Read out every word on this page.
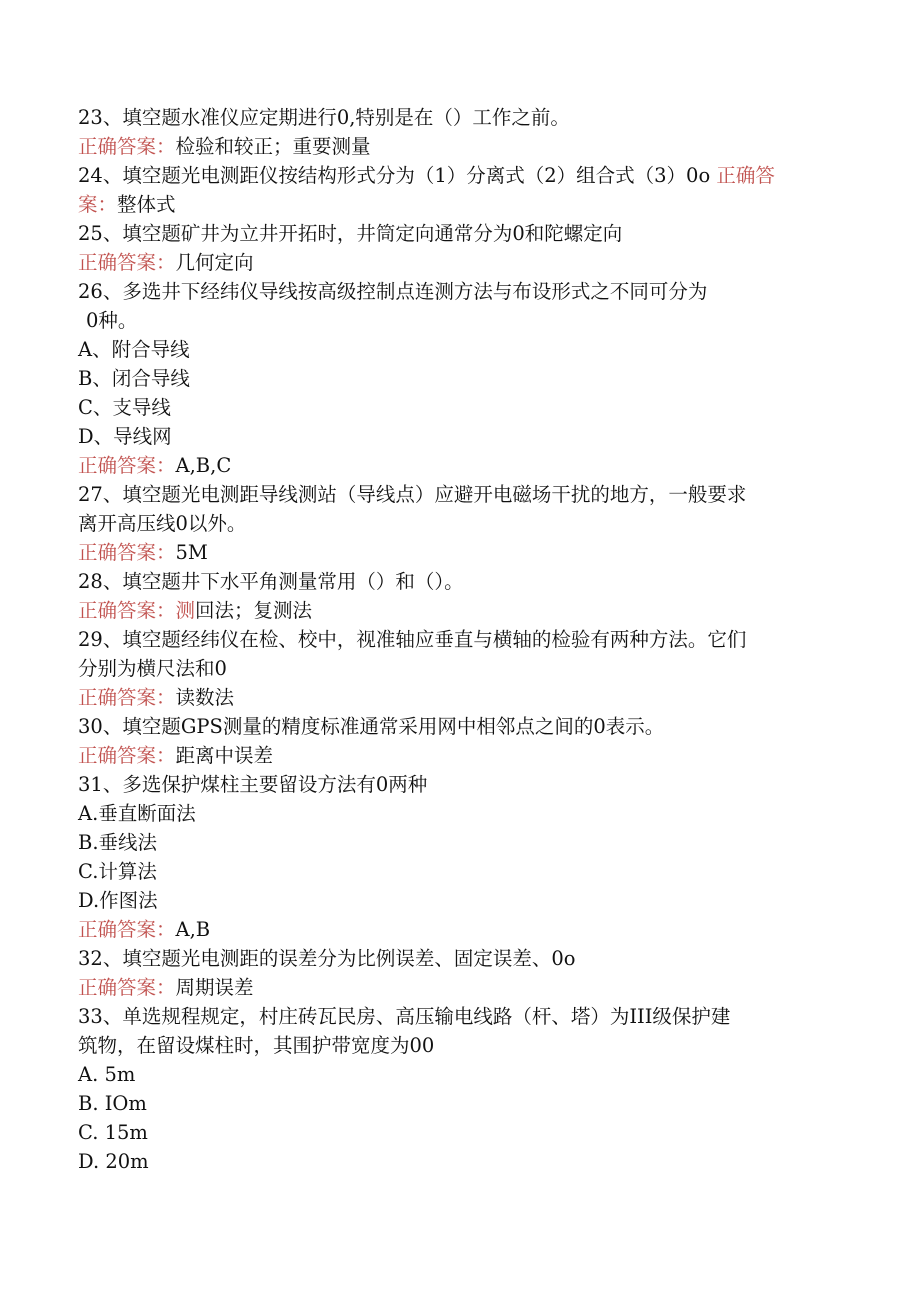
23、填空题水准仪应定期进行0,特别是在（）工作之前。
正确答案：检验和较正；重要测量
24、填空题光电测距仪按结构形式分为（1）分离式（2）组合式（3）0o 正确答
案：整体式
25、填空题矿井为立井开拓时，井筒定向通常分为0和陀螺定向
正确答案：几何定向
26、多选井下经纬仪导线按高级控制点连测方法与布设形式之不同可分为
0种。
A、附合导线
B、闭合导线
C、支导线
D、导线网
正确答案：A,B,C
27、填空题光电测距导线测站（导线点）应避开电磁场干扰的地方，一般要求
离开高压线0以外。
正确答案：5M
28、填空题井下水平角测量常用（）和（）。
正确答案：测回法；复测法
29、填空题经纬仪在检、校中，视准轴应垂直与横轴的检验有两种方法。它们
分别为横尺法和0
正确答案：读数法
30、填空题GPS测量的精度标准通常采用网中相邻点之间的0表示。
正确答案：距离中误差
31、多选保护煤柱主要留设方法有0两种
A.垂直断面法
B.垂线法
C.计算法
D.作图法
正确答案：A,B
32、填空题光电测距的误差分为比例误差、固定误差、0o
正确答案：周期误差
33、单选规程规定，村庄砖瓦民房、高压输电线路（杆、塔）为III级保护建
筑物，在留设煤柱时，其围护带宽度为00
A. 5m
B. IOm
C. 15m
D. 20m
